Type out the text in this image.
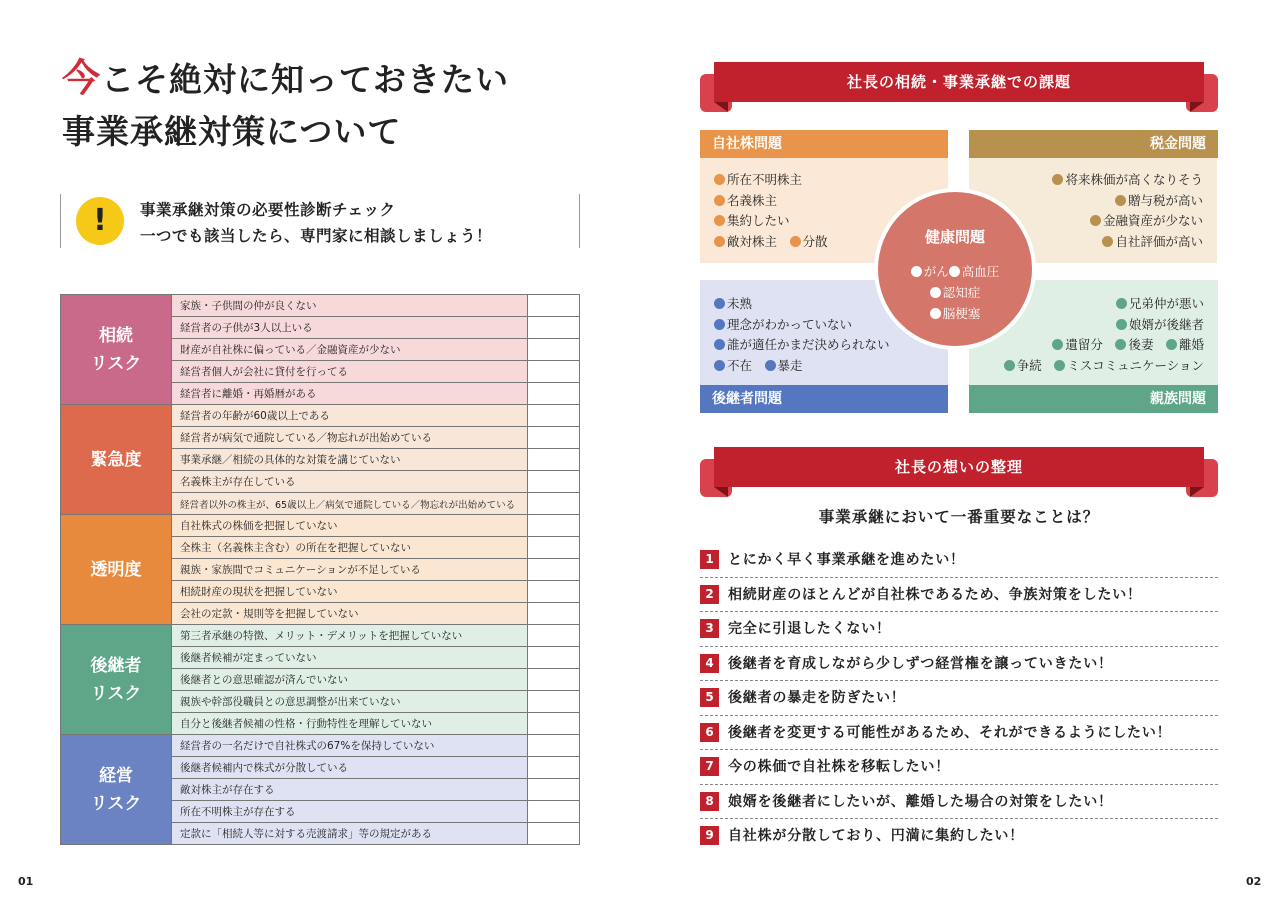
今こそ絶対に知っておきたい
事業承継対策について
!	事業承継対策の必要性診断チェック
一つでも該当したら、専門家に相談しましょう！
相続
リスク	家族・子供間の仲が良くない	
	経営者の子供が3人以上いる	
	財産が自社株に偏っている／金融資産が少ない	
	経営者個人が会社に貸付を行ってる	
	経営者に離婚・再婚暦がある	
緊急度	経営者の年齢が60歳以上である	
	経営者が病気で通院している／物忘れが出始めている	
	事業承継／相続の具体的な対策を講じていない	
	名義株主が存在している	
	経営者以外の株主が、65歳以上／病気で通院している／物忘れが出始めている	
透明度	自社株式の株価を把握していない	
	全株主（名義株主含む）の所在を把握していない	
	親族・家族間でコミュニケーションが不足している	
	相続財産の現状を把握していない	
	会社の定款・規則等を把握していない	

後継者
リスク	第三者承継の特徴、メリット・デメリットを把握していない	
	後継者候補が定まっていない	
	後継者との意思確認が済んでいない	
	親族や幹部役職員との意思調整が出来ていない	
	自分と後継者候補の性格・行動特性を理解していない	

経営
リスク	経営者の一名だけで自社株式の67%を保持していない	
	後継者候補内で株式が分散している	
	敵対株主が存在する	
	所在不明株主が存在する	
	定款に「相続人等に対する売渡請求」等の規定がある	
01
社長の相続・事業承継での課題
自社株問題
所在不明株主
名義株主
集約したい
敵対株主　 分散
税金問題
将来株価が高くなりそう
贈与税が高い
金融資産が少ない
自社評価が高い
未熟
理念がわかっていない
誰が適任かまだ決められない
不在　 暴走
後継者問題
兄弟仲が悪い
娘婿が後継者
遺留分　 後妻　 離婚
争続　 ミスコミュニケーション
親族問題
健康問題
がん 高血圧
認知症
脳梗塞
社長の想いの整理
事業承継において一番重要なことは？
1	とにかく早く事業承継を進めたい！
2	相続財産のほとんどが自社株であるため、争族対策をしたい！
3	完全に引退したくない！
4	後継者を育成しながら少しずつ経営権を譲っていきたい！
5	後継者の暴走を防ぎたい！
6	後継者を変更する可能性があるため、それができるようにしたい！
7	今の株価で自社株を移転したい！
8	娘婿を後継者にしたいが、離婚した場合の対策をしたい！
9	自社株が分散しており、円満に集約したい！
02
